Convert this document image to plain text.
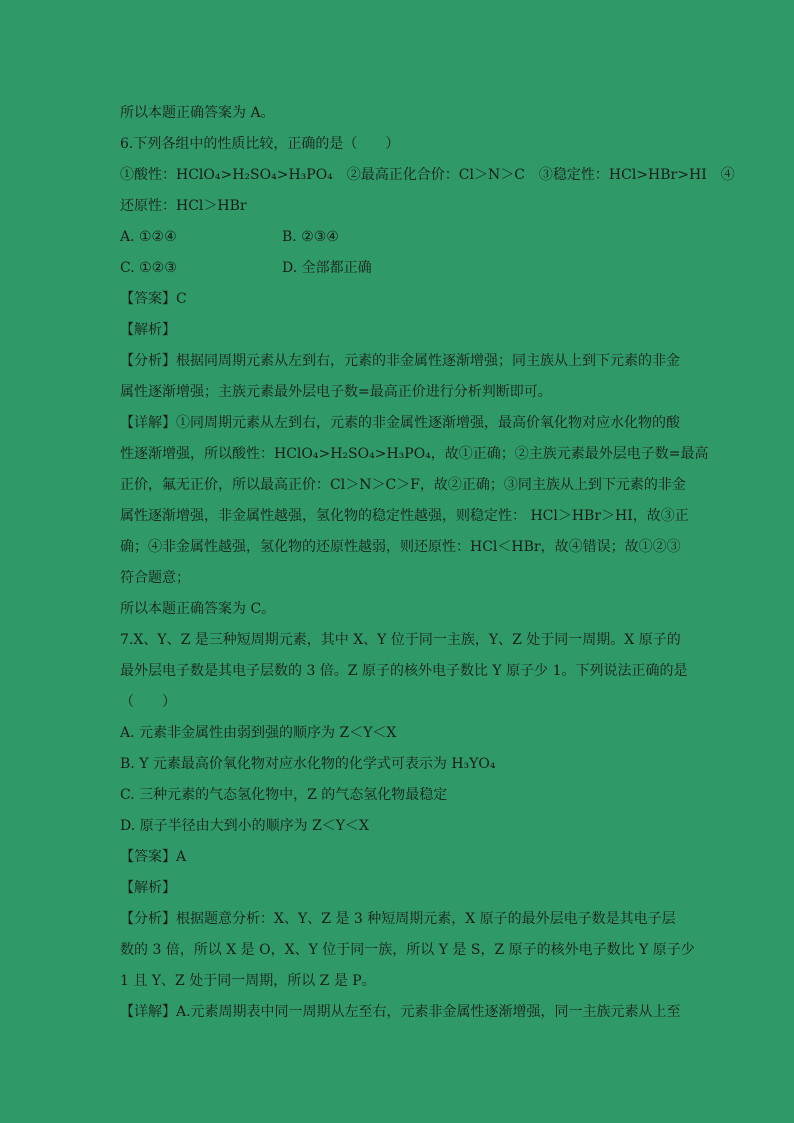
所以本题正确答案为 A。
6.下列各组中的性质比较，正确的是（　　）
①酸性：HClO₄>H₂SO₄>H₃PO₄　②最高正化合价：Cl＞N＞C　③稳定性：HCl>HBr>HI　④
还原性：HCl＞HBr
A. ①②④	B. ②③④
C. ①②③	D. 全部都正确
【答案】C
【解析】
【分析】根据同周期元素从左到右，元素的非金属性逐渐增强；同主族从上到下元素的非金
属性逐渐增强；主族元素最外层电子数=最高正价进行分析判断即可。
【详解】①同周期元素从左到右，元素的非金属性逐渐增强，最高价氧化物对应水化物的酸
性逐渐增强，所以酸性：HClO₄>H₂SO₄>H₃PO₄，故①正确；②主族元素最外层电子数=最高
正价，氟无正价，所以最高正价：Cl＞N＞C＞F，故②正确；③同主族从上到下元素的非金
属性逐渐增强，非金属性越强，氢化物的稳定性越强，则稳定性： HCl＞HBr＞HI，故③正
确；④非金属性越强，氢化物的还原性越弱，则还原性：HCl＜HBr，故④错误；故①②③
符合题意；
所以本题正确答案为 C。
7.X、Y、Z 是三种短周期元素，其中 X、Y 位于同一主族，Y、Z 处于同一周期。X 原子的
最外层电子数是其电子层数的 3 倍。Z 原子的核外电子数比 Y 原子少 1。下列说法正确的是
（　　）
A. 元素非金属性由弱到强的顺序为 Z＜Y＜X
B. Y 元素最高价氧化物对应水化物的化学式可表示为 H₃YO₄
C. 三种元素的气态氢化物中，Z 的气态氢化物最稳定
D. 原子半径由大到小的顺序为 Z＜Y＜X
【答案】A
【解析】
【分析】根据题意分析：X、Y、Z 是 3 种短周期元素，X 原子的最外层电子数是其电子层
数的 3 倍，所以 X 是 O，X、Y 位于同一族，所以 Y 是 S，Z 原子的核外电子数比 Y 原子少
1 且 Y、Z 处于同一周期，所以 Z 是 P。
【详解】A.元素周期表中同一周期从左至右，元素非金属性逐渐增强，同一主族元素从上至
